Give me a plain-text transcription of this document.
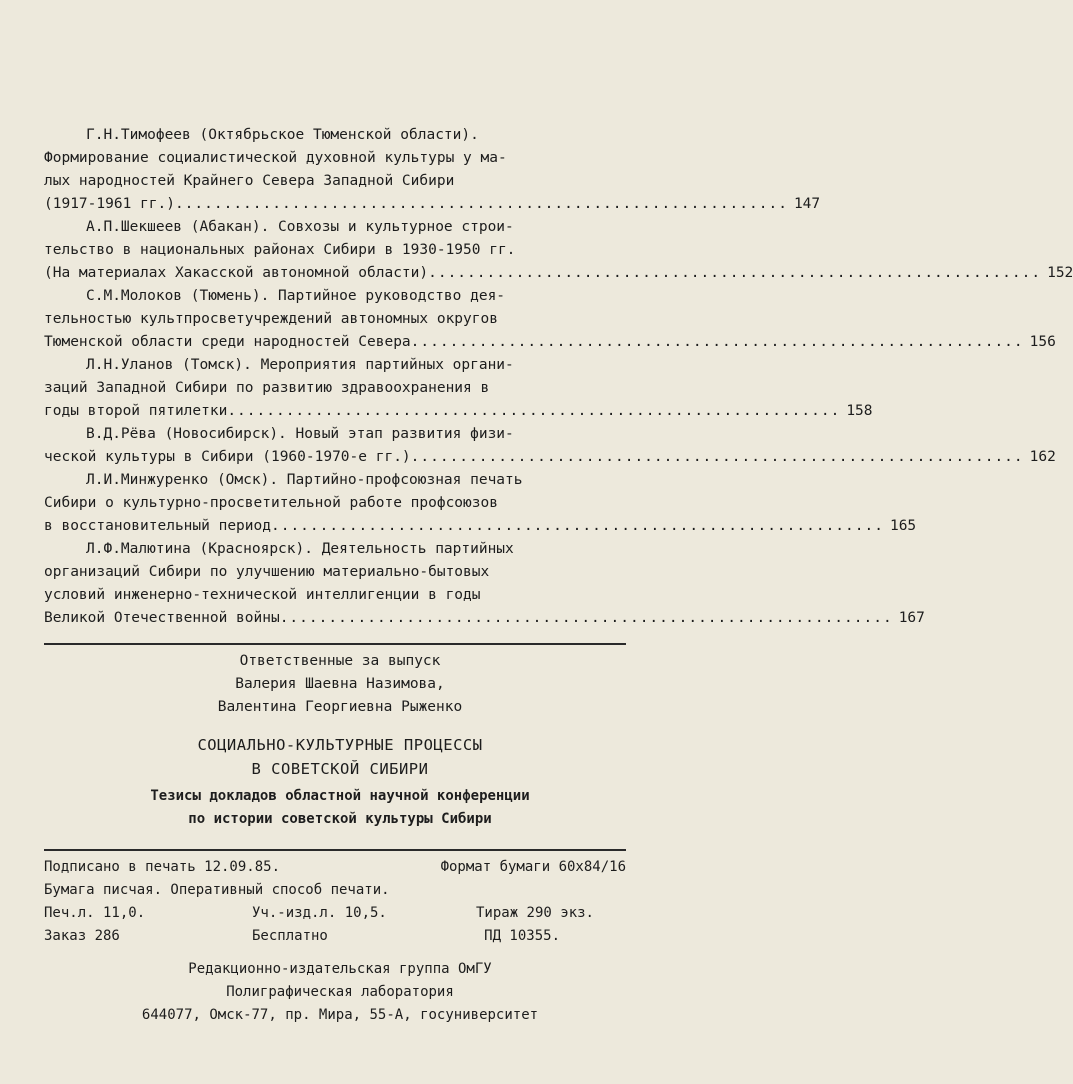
Г.Н.Тимофеев (Октябрьское Тюменской области).
Формирование социалистической духовной культуры у ма-
лых народностей Крайнего Севера Западной Сибири
(1917-1961 гг.) ............................................................... 147
А.П.Шекшеев (Абакан). Совхозы и культурное строи-
тельство в национальных районах Сибири в 1930-1950 гг.
(На материалах Хакасской автономной области) ............................................................... 152
С.М.Молоков (Тюмень). Партийное руководство дея-
тельностью культпросветучреждений автономных округов
Тюменской области среди народностей Севера ............................................................... 156
Л.Н.Уланов (Томск). Мероприятия партийных органи-
заций Западной Сибири по развитию здравоохранения в
годы второй пятилетки ............................................................... 158
В.Д.Рёва (Новосибирск). Новый этап развития физи-
ческой культуры в Сибири (1960-1970-е гг.) ............................................................... 162
Л.И.Минжуренко (Омск). Партийно-профсоюзная печать
Сибири о культурно-просветительной работе профсоюзов
в восстановительный период ............................................................... 165
Л.Ф.Малютина (Красноярск). Деятельность партийных
организаций Сибири по улучшению материально-бытовых
условий инженерно-технической интеллигенции в годы
Великой Отечественной войны ............................................................... 167
Ответственные за выпуск
Валерия Шаевна Назимова,
Валентина Георгиевна Рыженко
СОЦИАЛЬНО-КУЛЬТУРНЫЕ ПРОЦЕССЫ
В СОВЕТСКОЙ СИБИРИ
Тезисы докладов областной научной конференции
по истории советской культуры Сибири
Подписано в печать 12.09.85.	Формат бумаги 60х84/16
Бумага писчая. Оперативный способ печати.
Печ.л. 11,0.	Уч.-изд.л. 10,5.	Тираж 290 экз.
Заказ 286	Бесплатно	ПД 10355.
Редакционно-издательская группа ОмГУ
Полиграфическая лаборатория
644077, Омск-77, пр. Мира, 55-А, госуниверситет
